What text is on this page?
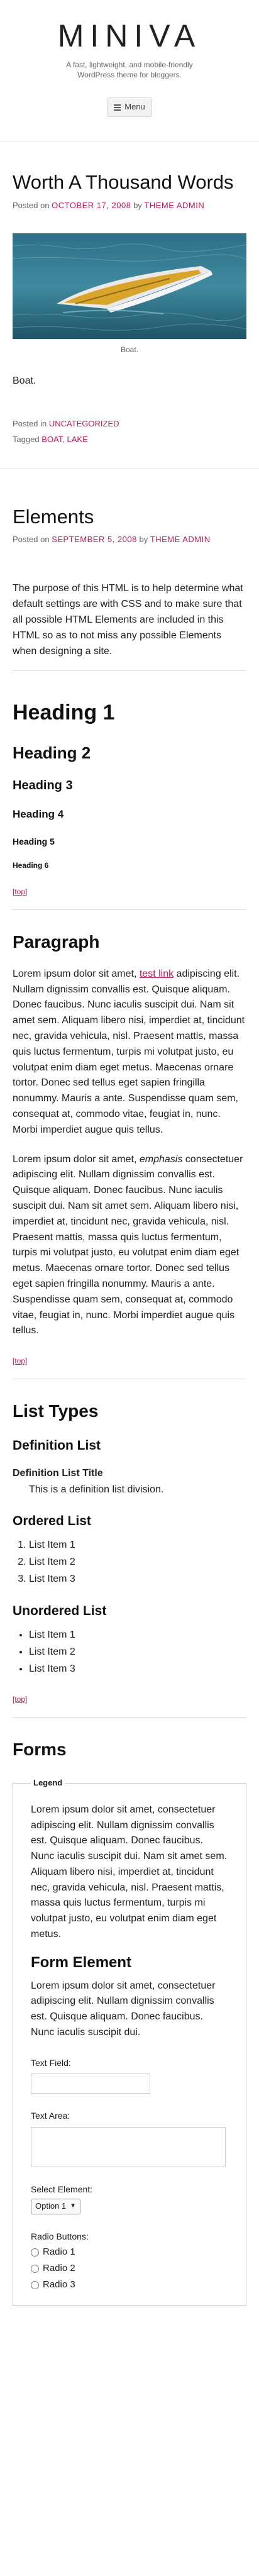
MINIVA
A fast, lightweight, and mobile-friendly WordPress theme for bloggers.
Menu
Worth A Thousand Words

Posted on OCTOBER 17, 2008 by THEME ADMIN

Boat.

Boat.

Posted in UNCATEGORIZED
Tagged BOAT, LAKE
Elements

Posted on SEPTEMBER 5, 2008 by THEME ADMIN

The purpose of this HTML is to help determine what default settings are with CSS and to make sure that all possible HTML Elements are included in this HTML so as to not miss any possible Elements when designing a site.

Heading 1
Heading 2
Heading 3
Heading 4
Heading 5
Heading 6
[top]
Paragraph

Lorem ipsum dolor sit amet, test link adipiscing elit. Nullam dignissim convallis est. Quisque aliquam. Donec faucibus. Nunc iaculis suscipit dui. Nam sit amet sem. Aliquam libero nisi, imperdiet at, tincidunt nec, gravida vehicula, nisl. Praesent mattis, massa quis luctus fermentum, turpis mi volutpat justo, eu volutpat enim diam eget metus. Maecenas ornare tortor. Donec sed tellus eget sapien fringilla nonummy. Mauris a ante. Suspendisse quam sem, consequat at, commodo vitae, feugiat in, nunc. Morbi imperdiet augue quis tellus.

Lorem ipsum dolor sit amet, emphasis consectetuer adipiscing elit. Nullam dignissim convallis est. Quisque aliquam. Donec faucibus. Nunc iaculis suscipit dui. Nam sit amet sem. Aliquam libero nisi, imperdiet at, tincidunt nec, gravida vehicula, nisl. Praesent mattis, massa quis luctus fermentum, turpis mi volutpat justo, eu volutpat enim diam eget metus. Maecenas ornare tortor. Donec sed tellus eget sapien fringilla nonummy. Mauris a ante. Suspendisse quam sem, consequat at, commodo vitae, feugiat in, nunc. Morbi imperdiet augue quis tellus.

[top]
List Types
Definition List
Definition List Title
This is a definition list division.
Ordered List
1. List Item 1
2. List Item 2
3. List Item 3
Unordered List
• List Item 1
• List Item 2
• List Item 3
[top]
Forms
Legend

Lorem ipsum dolor sit amet, consectetuer adipiscing elit. Nullam dignissim convallis est. Quisque aliquam. Donec faucibus. Nunc iaculis suscipit dui. Nam sit amet sem. Aliquam libero nisi, imperdiet at, tincidunt nec, gravida vehicula, nisl. Praesent mattis, massa quis luctus fermentum, turpis mi volutpat justo, eu volutpat enim diam eget metus.

Form Element

Lorem ipsum dolor sit amet, consectetuer adipiscing elit. Nullam dignissim convallis est. Quisque aliquam. Donec faucibus. Nunc iaculis suscipit dui.

Text Field:
Text Area:
Select Element:
Option 1 ▼
Radio Buttons:
Radio 1
Radio 2
Radio 3
